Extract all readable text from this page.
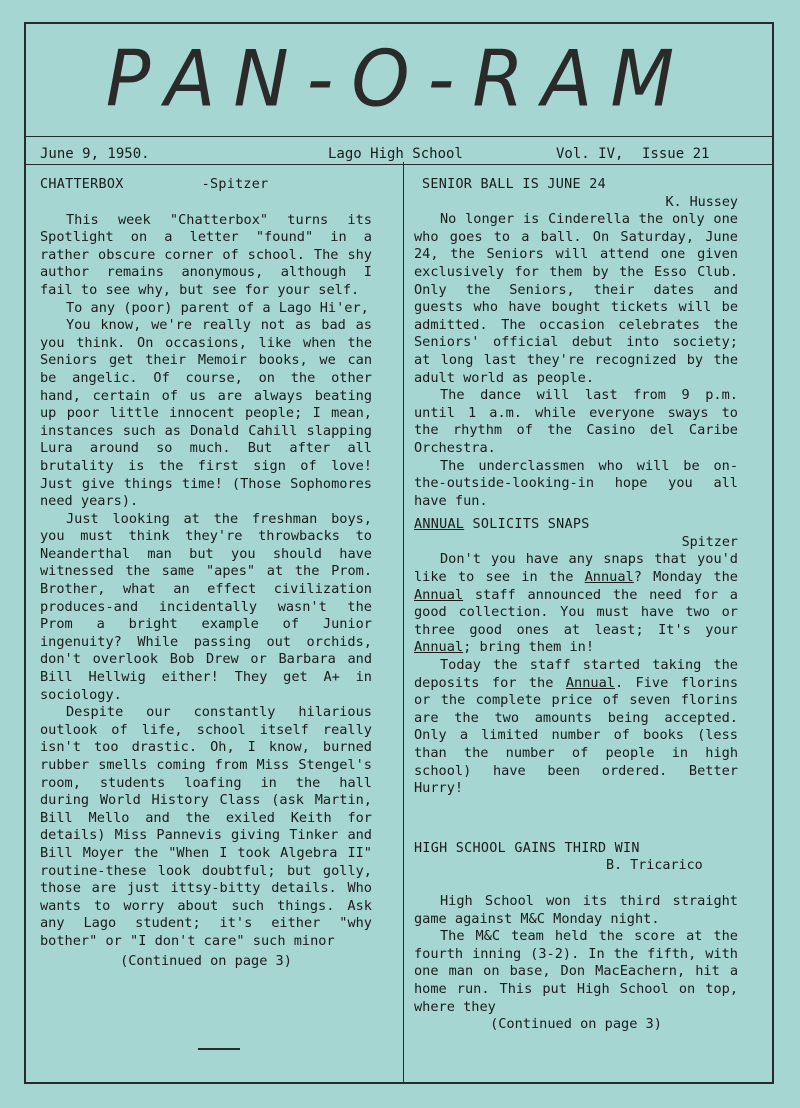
PAN-O-RAM
June 9, 1950.	Lago High School	Vol. IV, Issue 21
CHATTERBOX	-Spitzer

This week "Chatterbox" turns its Spotlight on a letter "found" in a rather obscure corner of school. The shy author remains anonymous, although I fail to see why, but see for your self.

To any (poor) parent of a Lago Hi'er,

You know, we're really not as bad as you think. On occasions, like when the Seniors get their Memoir books, we can be angelic. Of course, on the other hand, certain of us are always beating up poor little innocent people; I mean, instances such as Donald Cahill slapping Lura around so much. But after all brutality is the first sign of love! Just give things time! (Those Sophomores need years).

Just looking at the freshman boys, you must think they're throwbacks to Neanderthal man but you should have witnessed the same "apes" at the Prom. Brother, what an effect civilization produces-and incidentally wasn't the Prom a bright example of Junior ingenuity? While passing out orchids, don't overlook Bob Drew or Barbara and Bill Hellwig either! They get A+ in sociology.

Despite our constantly hilarious outlook of life, school itself really isn't too drastic. Oh, I know, burned rubber smells coming from Miss Stengel's room, students loafing in the hall during World History Class (ask Martin, Bill Mello and the exiled Keith for details) Miss Pannevis giving Tinker and Bill Moyer the "When I took Algebra II" routine-these look doubtful; but golly, those are just ittsy-bitty details. Who wants to worry about such things. Ask any Lago student; it's either "why bother" or "I don't care" such minor

(Continued on page 3)
SENIOR BALL IS JUNE 24
K. Hussey

No longer is Cinderella the only one who goes to a ball. On Saturday, June 24, the Seniors will attend one given exclusively for them by the Esso Club. Only the Seniors, their dates and guests who have bought tickets will be admitted. The occasion celebrates the Seniors' official debut into society; at long last they're recognized by the adult world as people.

The dance will last from 9 p.m. until 1 a.m. while everyone sways to the rhythm of the Casino del Caribe Orchestra.

The underclassmen who will be on-the-outside-looking-in hope you all have fun.

ANNUAL SOLICITS SNAPS
Spitzer

Don't you have any snaps that you'd like to see in the Annual? Monday the Annual staff announced the need for a good collection. You must have two or three good ones at least; It's your Annual; bring them in!

Today the staff started taking the deposits for the Annual. Five florins or the complete price of seven florins are the two amounts being accepted. Only a limited number of books (less than the number of people in high school) have been ordered. Better Hurry!

HIGH SCHOOL GAINS THIRD WIN
B. Tricarico

High School won its third straight game against M&C Monday night.

The M&C team held the score at the fourth inning (3-2). In the fifth, with one man on base, Don MacEachern, hit a home run. This put High School on top, where they

(Continued on page 3)
